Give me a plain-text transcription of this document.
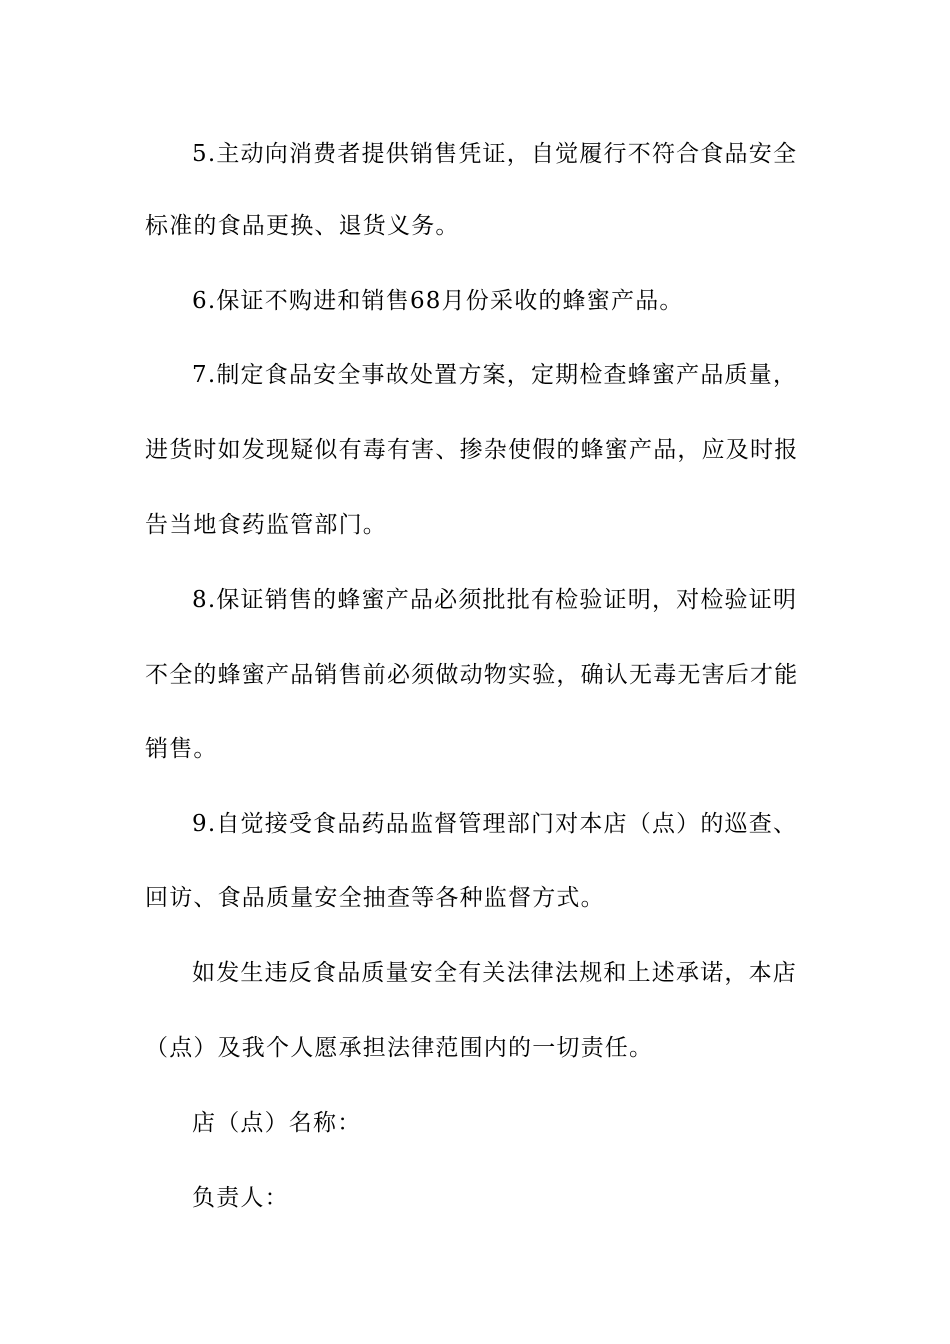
5.主动向消费者提供销售凭证，自觉履行不符合食品安全
标准的食品更换、退货义务。
6.保证不购进和销售68月份采收的蜂蜜产品。
7.制定食品安全事故处置方案，定期检查蜂蜜产品质量，
进货时如发现疑似有毒有害、掺杂使假的蜂蜜产品，应及时报
告当地食药监管部门。
8.保证销售的蜂蜜产品必须批批有检验证明，对检验证明
不全的蜂蜜产品销售前必须做动物实验，确认无毒无害后才能
销售。
9.自觉接受食品药品监督管理部门对本店（点）的巡查、
回访、食品质量安全抽查等各种监督方式。
如发生违反食品质量安全有关法律法规和上述承诺，本店
（点）及我个人愿承担法律范围内的一切责任。
店（点）名称：
负责人：
